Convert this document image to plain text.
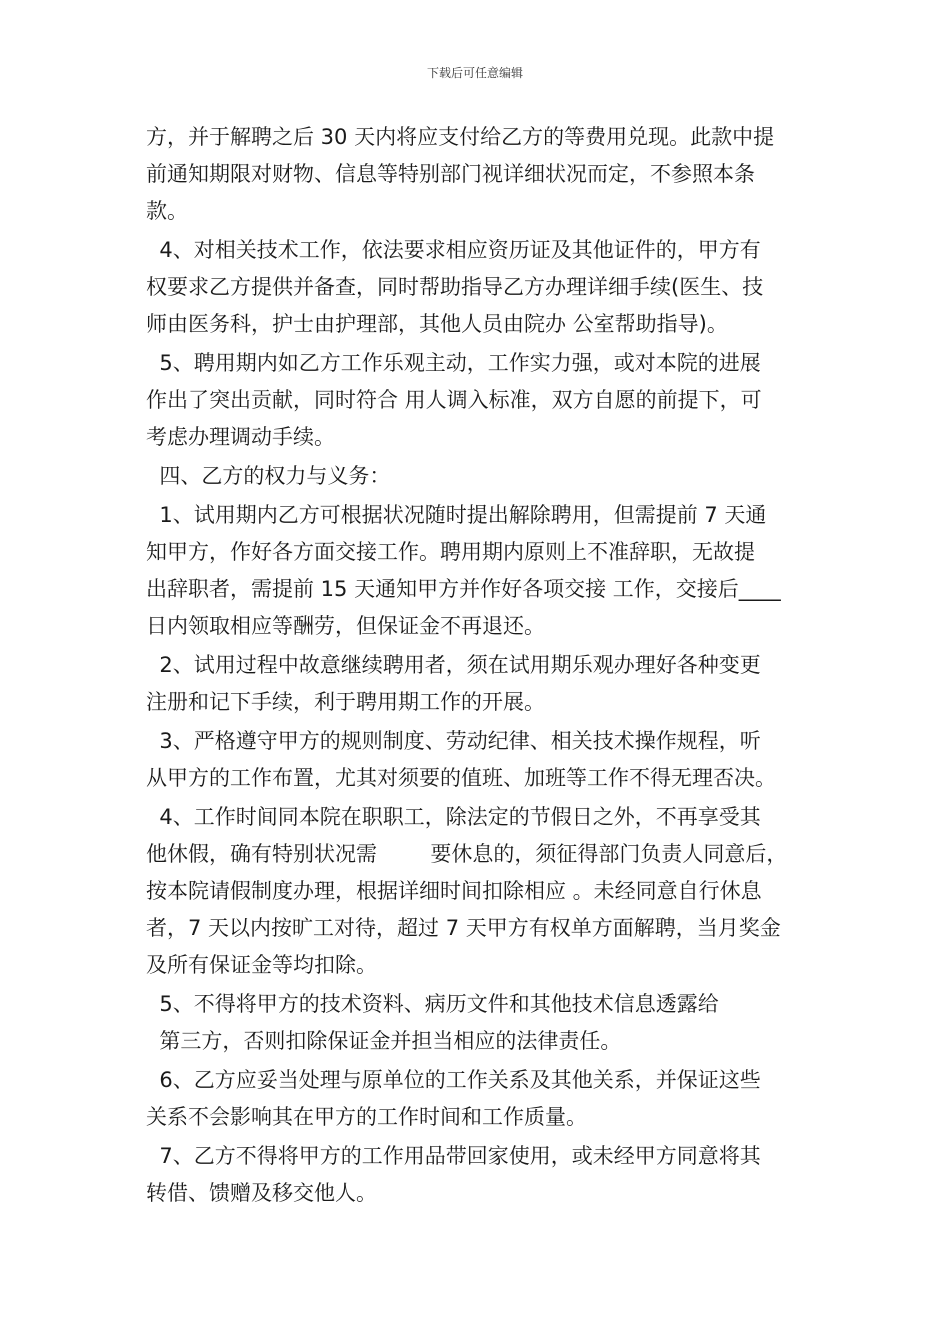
下载后可任意编辑
方，并于解聘之后 30 天内将应支付给乙方的等费用兑现。此款中提
前通知期限对财物、信息等特别部门视详细状况而定，不参照本条
款。
4、对相关技术工作，依法要求相应资历证及其他证件的，甲方有
权要求乙方提供并备查，同时帮助指导乙方办理详细手续(医生、技
师由医务科，护士由护理部，其他人员由院办 公室帮助指导)。
5、聘用期内如乙方工作乐观主动，工作实力强，或对本院的进展
作出了突出贡献，同时符合 用人调入标准，双方自愿的前提下，可
考虑办理调动手续。
四、乙方的权力与义务：
1、试用期内乙方可根据状况随时提出解除聘用，但需提前 7 天通
知甲方，作好各方面交接工作。聘用期内原则上不准辞职，无故提
出辞职者，需提前 15 天通知甲方并作好各项交接 工作，交接后____
日内领取相应等酬劳，但保证金不再退还。
2、试用过程中故意继续聘用者，须在试用期乐观办理好各种变更
注册和记下手续，利于聘用期工作的开展。
3、严格遵守甲方的规则制度、劳动纪律、相关技术操作规程，听
从甲方的工作布置，尤其对须要的值班、加班等工作不得无理否决。
4、工作时间同本院在职职工，除法定的节假日之外，不再享受其
他休假，确有特别状况需        要休息的，须征得部门负责人同意后，
按本院请假制度办理，根据详细时间扣除相应 。未经同意自行休息
者，7 天以内按旷工对待，超过 7 天甲方有权单方面解聘，当月奖金
及所有保证金等均扣除。
5、不得将甲方的技术资料、病历文件和其他技术信息透露给
第三方，否则扣除保证金并担当相应的法律责任。
6、乙方应妥当处理与原单位的工作关系及其他关系，并保证这些
关系不会影响其在甲方的工作时间和工作质量。
7、乙方不得将甲方的工作用品带回家使用，或未经甲方同意将其
转借、馈赠及移交他人。
